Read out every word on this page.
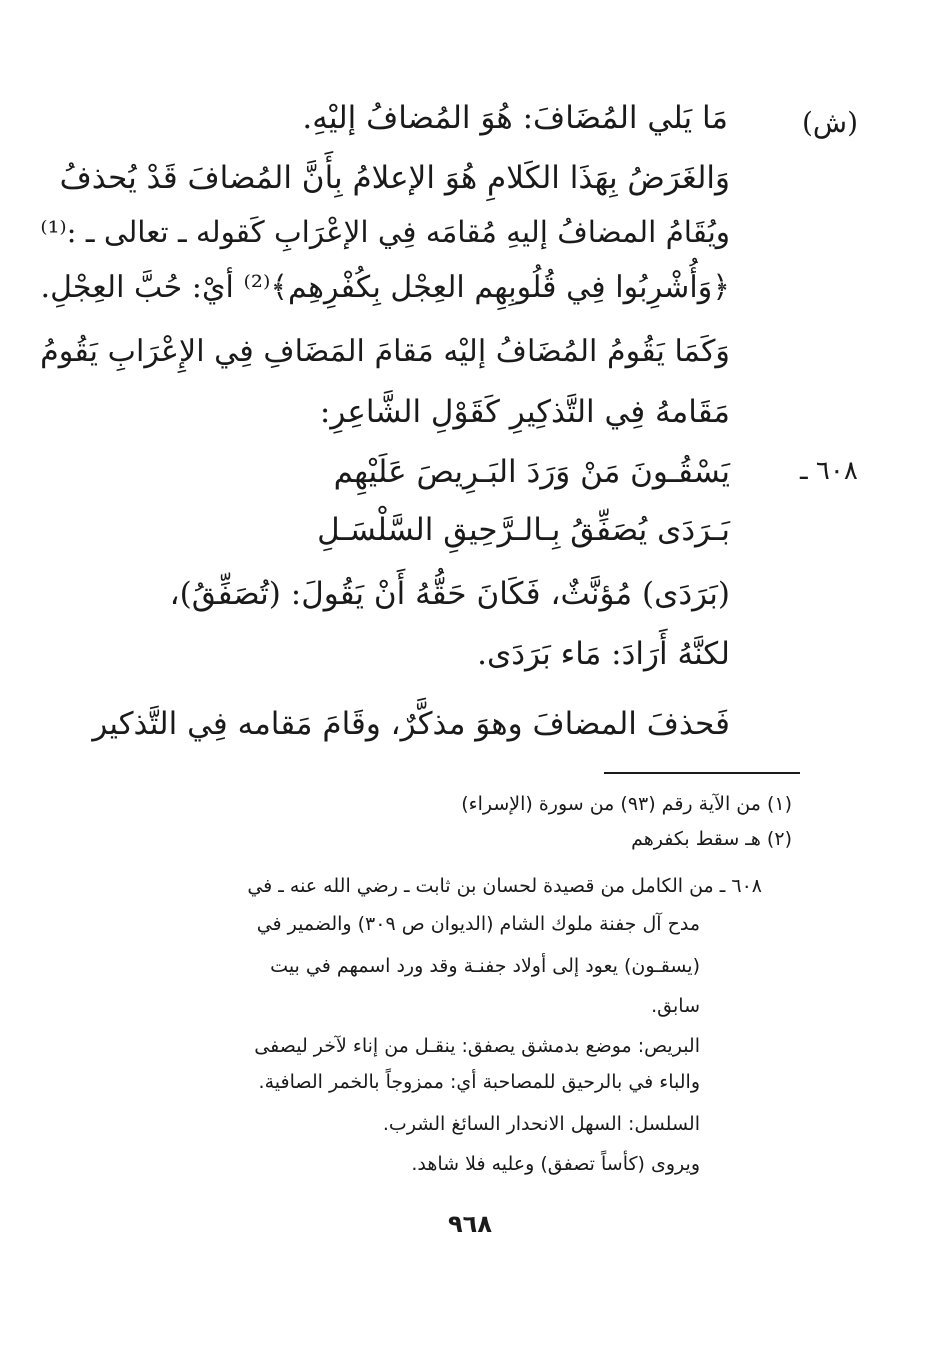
(ش)
مَا يَلي المُضَافَ: هُوَ المُضافُ إليْهِ.
وَالغَرَضُ بِهَذَا الكَلامِ هُوَ الإعلامُ بِأَنَّ المُضافَ قَدْ يُحذفُ
ويُقَامُ المضافُ إليهِ مُقامَه فِي الإعْرَابِ كَقوله ـ تعالى ـ :⁽¹⁾
﴿وَأُشْرِبُوا فِي قُلُوبِهِم العِجْل بِكُفْرِهِم﴾⁽²⁾ أيْ: حُبَّ العِجْلِ.
وَكَمَا يَقُومُ المُضَافُ إليْه مَقامَ المَضَافِ فِي الإِعْرَابِ يَقُومُ
مَقَامهُ فِي التَّذكِيرِ كَقَوْلِ الشَّاعِرِ:
٦٠٨ ـ
يَسْقُـونَ مَنْ وَرَدَ البَـرِيصَ عَلَيْهِم
بَـرَدَى يُصَفِّقُ بِـالـرَّحِيقِ السَّلْسَـلِ
(بَرَدَى) مُؤنَّثٌ، فَكَانَ حَقُّهُ أَنْ يَقُولَ: (تُصَفِّقُ)،
لكنَّهُ أَرَادَ: مَاء بَرَدَى.
فَحذفَ المضافَ وهوَ مذكَّرٌ، وقَامَ مَقامه فِي التَّذكير
(١) من الآية رقم (٩٣) من سورة (الإسراء)
(٢) هـ سقط بكفرهم
٦٠٨ ـ من الكامل من قصيدة لحسان بن ثابت ـ رضي الله عنه ـ في
مدح آل جفنة ملوك الشام (الديوان ص ٣٠٩) والضمير في
(يسقـون) يعود إلى أولاد جفنـة وقد ورد اسمهم في بيت
سابق.
البريص: موضع بدمشق يصفق: ينقـل من إناء لآخر ليصفى
والباء في بالرحيق للمصاحبة أي: ممزوجاً بالخمر الصافية.
السلسل: السهل الانحدار السائغ الشرب.
ويروى (كأساً تصفق) وعليه فلا شاهد.
٩٦٨
